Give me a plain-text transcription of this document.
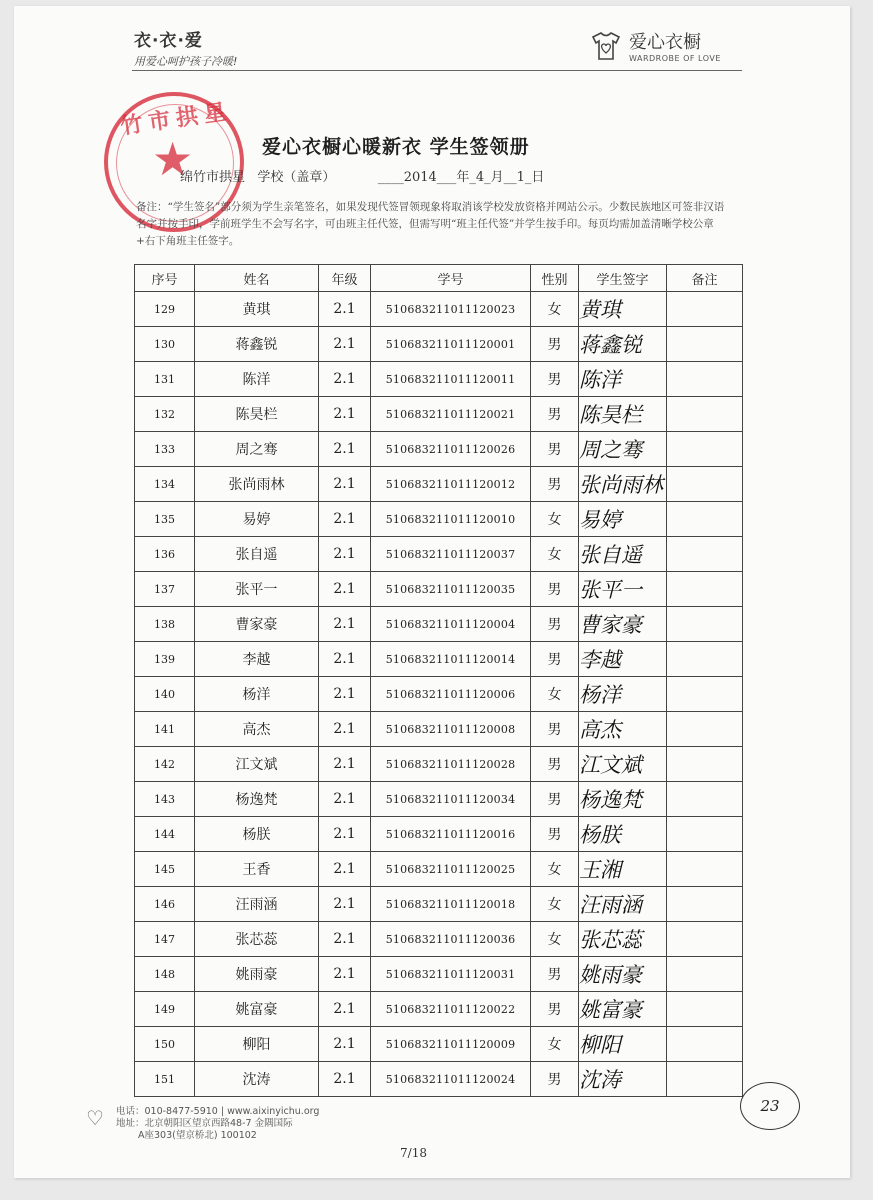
衣·衣·爱
用爱心呵护孩子冷暖!
爱心衣橱
WARDROBE OF LOVE
竹市拱星
★	爱心衣橱心暖新衣 学生签领册
绵竹市拱星 学校（盖章）	____2014___年_4_月__1_日
备注：“学生签名”部分须为学生亲笔签名，如果发现代签冒领现象将取消该学校发放资格并网站公示。少数民族地区可签非汉语名字并按手印，学前班学生不会写名字，可由班主任代签，但需写明“班主任代签”并学生按手印。每页均需加盖清晰学校公章+右下角班主任签字。
序号	姓名	年级	学号	性别	学生签字	备注
129	黄琪	2.1	51068321101112002З	女	黄琪	
130	蒋鑫锐	2.1	510683211011120001	男	蒋鑫锐	
131	陈洋	2.1	510683211011120011	男	陈洋	
132	陈昊栏	2.1	510683211011120021	男	陈昊栏	
133	周之骞	2.1	510683211011120026	男	周之骞	
134	张尚雨林	2.1	510683211011120012	男	张尚雨林	
135	易婷	2.1	510683211011120010	女	易婷	
136	张自遥	2.1	510683211011120037	女	张自遥	
137	张平一	2.1	510683211011120035	男	张平一	
138	曹家豪	2.1	510683211011120004	男	曹家豪	
139	李越	2.1	510683211011120014	男	李越	
140	杨洋	2.1	510683211011120006	女	杨洋	
141	高杰	2.1	510683211011120008	男	高杰	
142	江文斌	2.1	510683211011120028	男	江文斌	
143	杨逸梵	2.1	510683211011120034	男	杨逸梵	
144	杨朕	2.1	510683211011120016	男	杨朕	
145	王香	2.1	510683211011120025	女	王湘	
146	汪雨涵	2.1	510683211011120018	女	汪雨涵	
147	张芯蕊	2.1	510683211011120036	女	张芯蕊	
148	姚雨豪	2.1	510683211011120031	男	姚雨豪	
149	姚富豪	2.1	510683211011120022	男	姚富豪	
150	柳阳	2.1	510683211011120009	女	柳阳	
151	沈涛	2.1	510683211011120024	男	沈涛	
23
♡ 电话：010-8477-5910 | www.aixinyichu.org
地址：北京朝阳区望京西路48-7 金隅国际
A座303(望京桥北) 100102
7/18
